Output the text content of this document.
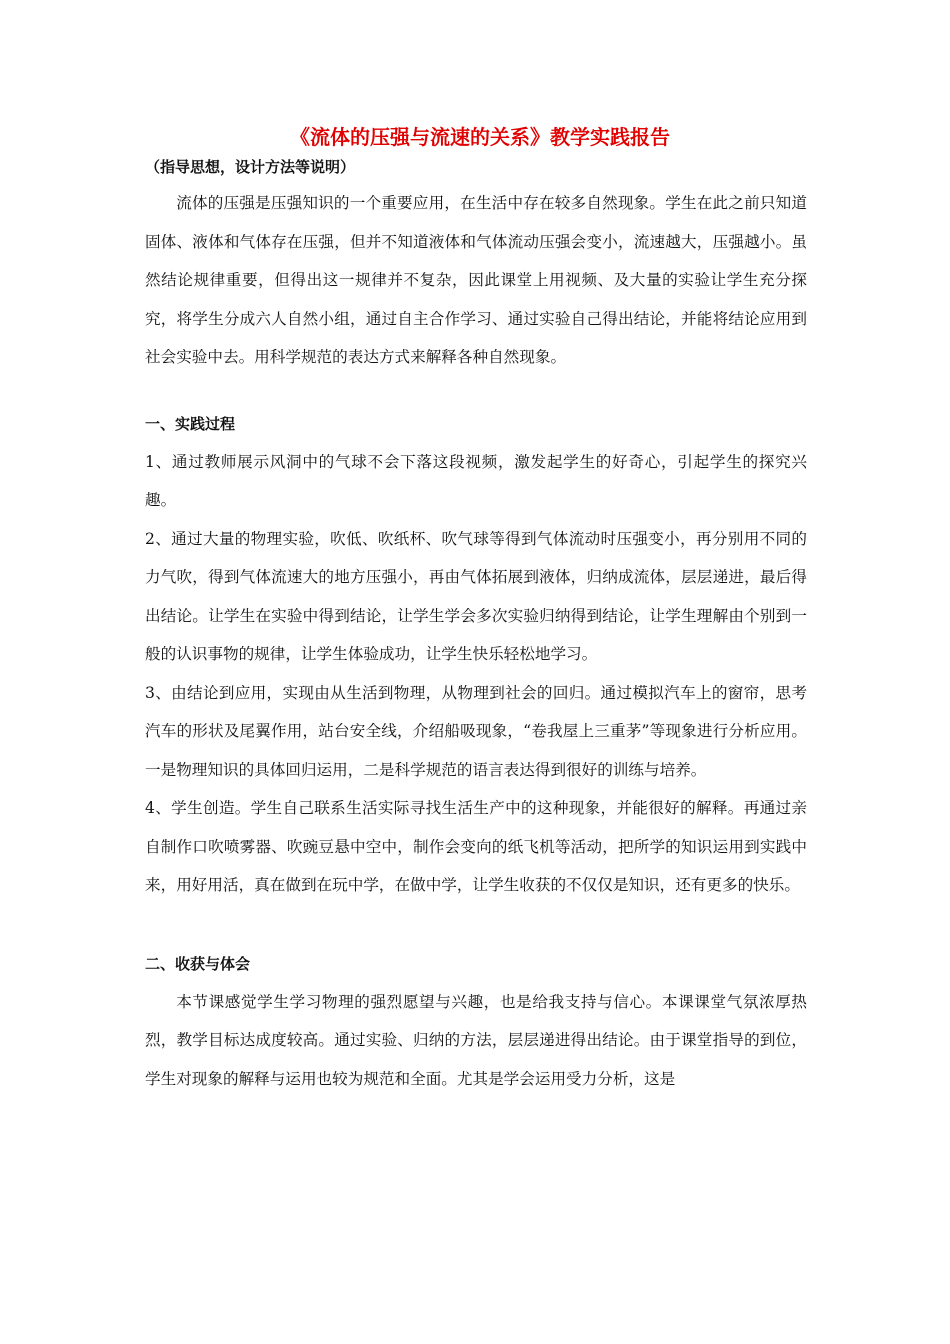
《流体的压强与流速的关系》教学实践报告

（指导思想，设计方法等说明）

流体的压强是压强知识的一个重要应用，在生活中存在较多自然现象。学生在此之前只知道固体、液体和气体存在压强，但并不知道液体和气体流动压强会变小，流速越大，压强越小。虽然结论规律重要，但得出这一规律并不复杂，因此课堂上用视频、及大量的实验让学生充分探究，将学生分成六人自然小组，通过自主合作学习、通过实验自己得出结论，并能将结论应用到社会实验中去。用科学规范的表达方式来解释各种自然现象。

一、实践过程

1、通过教师展示风洞中的气球不会下落这段视频，激发起学生的好奇心，引起学生的探究兴趣。

2、通过大量的物理实验，吹低、吹纸杯、吹气球等得到气体流动时压强变小，再分别用不同的力气吹，得到气体流速大的地方压强小，再由气体拓展到液体，归纳成流体，层层递进，最后得出结论。让学生在实验中得到结论，让学生学会多次实验归纳得到结论，让学生理解由个别到一般的认识事物的规律，让学生体验成功，让学生快乐轻松地学习。

3、由结论到应用，实现由从生活到物理，从物理到社会的回归。通过模拟汽车上的窗帘，思考汽车的形状及尾翼作用，站台安全线，介绍船吸现象，“卷我屋上三重茅”等现象进行分析应用。一是物理知识的具体回归运用，二是科学规范的语言表达得到很好的训练与培养。

4、学生创造。学生自己联系生活实际寻找生活生产中的这种现象，并能很好的解释。再通过亲自制作口吹喷雾器、吹豌豆悬中空中，制作会变向的纸飞机等活动，把所学的知识运用到实践中来，用好用活，真在做到在玩中学，在做中学，让学生收获的不仅仅是知识，还有更多的快乐。

二、收获与体会

本节课感觉学生学习物理的强烈愿望与兴趣，也是给我支持与信心。本课课堂气氛浓厚热烈，教学目标达成度较高。通过实验、归纳的方法，层层递进得出结论。由于课堂指导的到位，学生对现象的解释与运用也较为规范和全面。尤其是学会运用受力分析，这是
